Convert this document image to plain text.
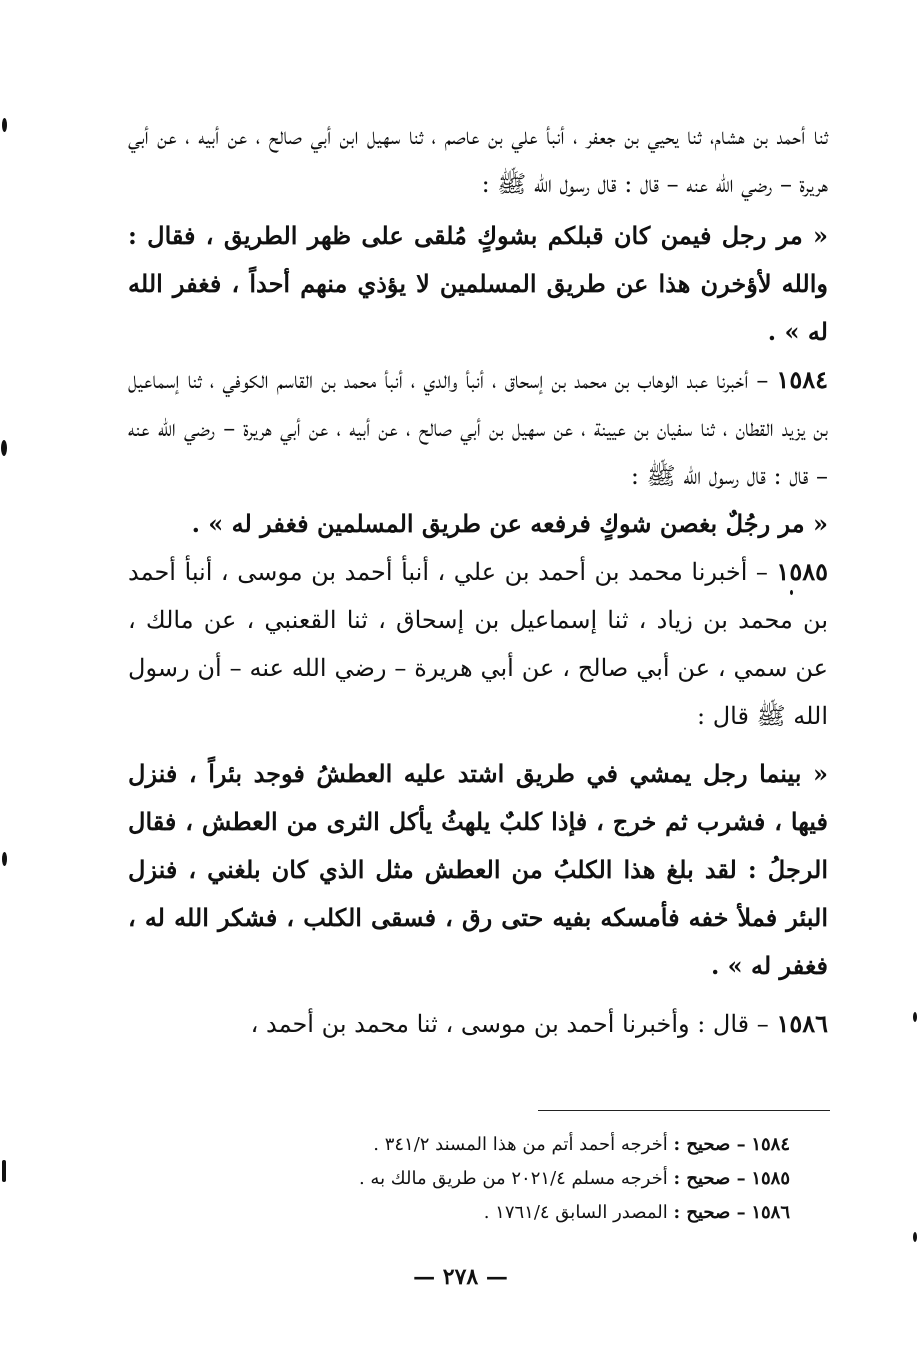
ثنا أحمد بن هشام، ثنا يحيي بن جعفر ، أنبأ علي بن عاصم ، ثنا سهيل ابن أبي صالح ، عن أبيه ، عن أبي هريرة – رضي الله عنه – قال : قال رسول الله ﷺ :

« مر رجل فيمن كان قبلكم بشوكٍ مُلقى على ظهر الطريق ، فقال : والله لأؤخرن هذا عن طريق المسلمين لا يؤذي منهم أحداً ، فغفر الله له » .

١٥٨٤ – أخبرنا عبد الوهاب بن محمد بن إسحاق ، أنبأ والدي ، أنبأ محمد بن القاسم الكوفي ، ثنا إسماعيل بن يزيد القطان ، ثنا سفيان بن عيينة ، عن سهيل بن أبي صالح ، عن أبيه ، عن أبي هريرة – رضي الله عنه – قال : قال رسول الله ﷺ :

« مر رجُلٌ بغصن شوكٍ فرفعه عن طريق المسلمين فغفر له » .

١٥٨٥ – أخبرنا محمد بن أحمد بن علي ، أنبأ أحمد بن موسى ، أنبأ أحمد بن محمد بن زياد ، ثنا إسماعيل بن إسحاق ، ثنا القعنبي ، عن مالك ، عن سمي ، عن أبي صالح ، عن أبي هريرة – رضي الله عنه – أن رسول الله ﷺ قال :

« بينما رجل يمشي في طريق اشتد عليه العطشُ فوجد بئراً ، فنزل فيها ، فشرب ثم خرج ، فإذا كلبٌ يلهثُ يأكل الثرى من العطش ، فقال الرجلُ : لقد بلغ هذا الكلبُ من العطش مثل الذي كان بلغني ، فنزل البئر فملأ خفه فأمسكه بفيه حتى رق ، فسقى الكلب ، فشكر الله له ، فغفر له » .

١٥٨٦ – قال : وأخبرنا أحمد بن موسى ، ثنا محمد بن أحمد ،

١٥٨٤ – صحيح : أخرجه أحمد أتم من هذا المسند ٣٤١/٢ .

١٥٨٥ – صحيح : أخرجه مسلم ٢٠٢١/٤ من طريق مالك به .

١٥٨٦ – صحيح : المصدر السابق ١٧٦١/٤ .

— ٢٧٨ —
